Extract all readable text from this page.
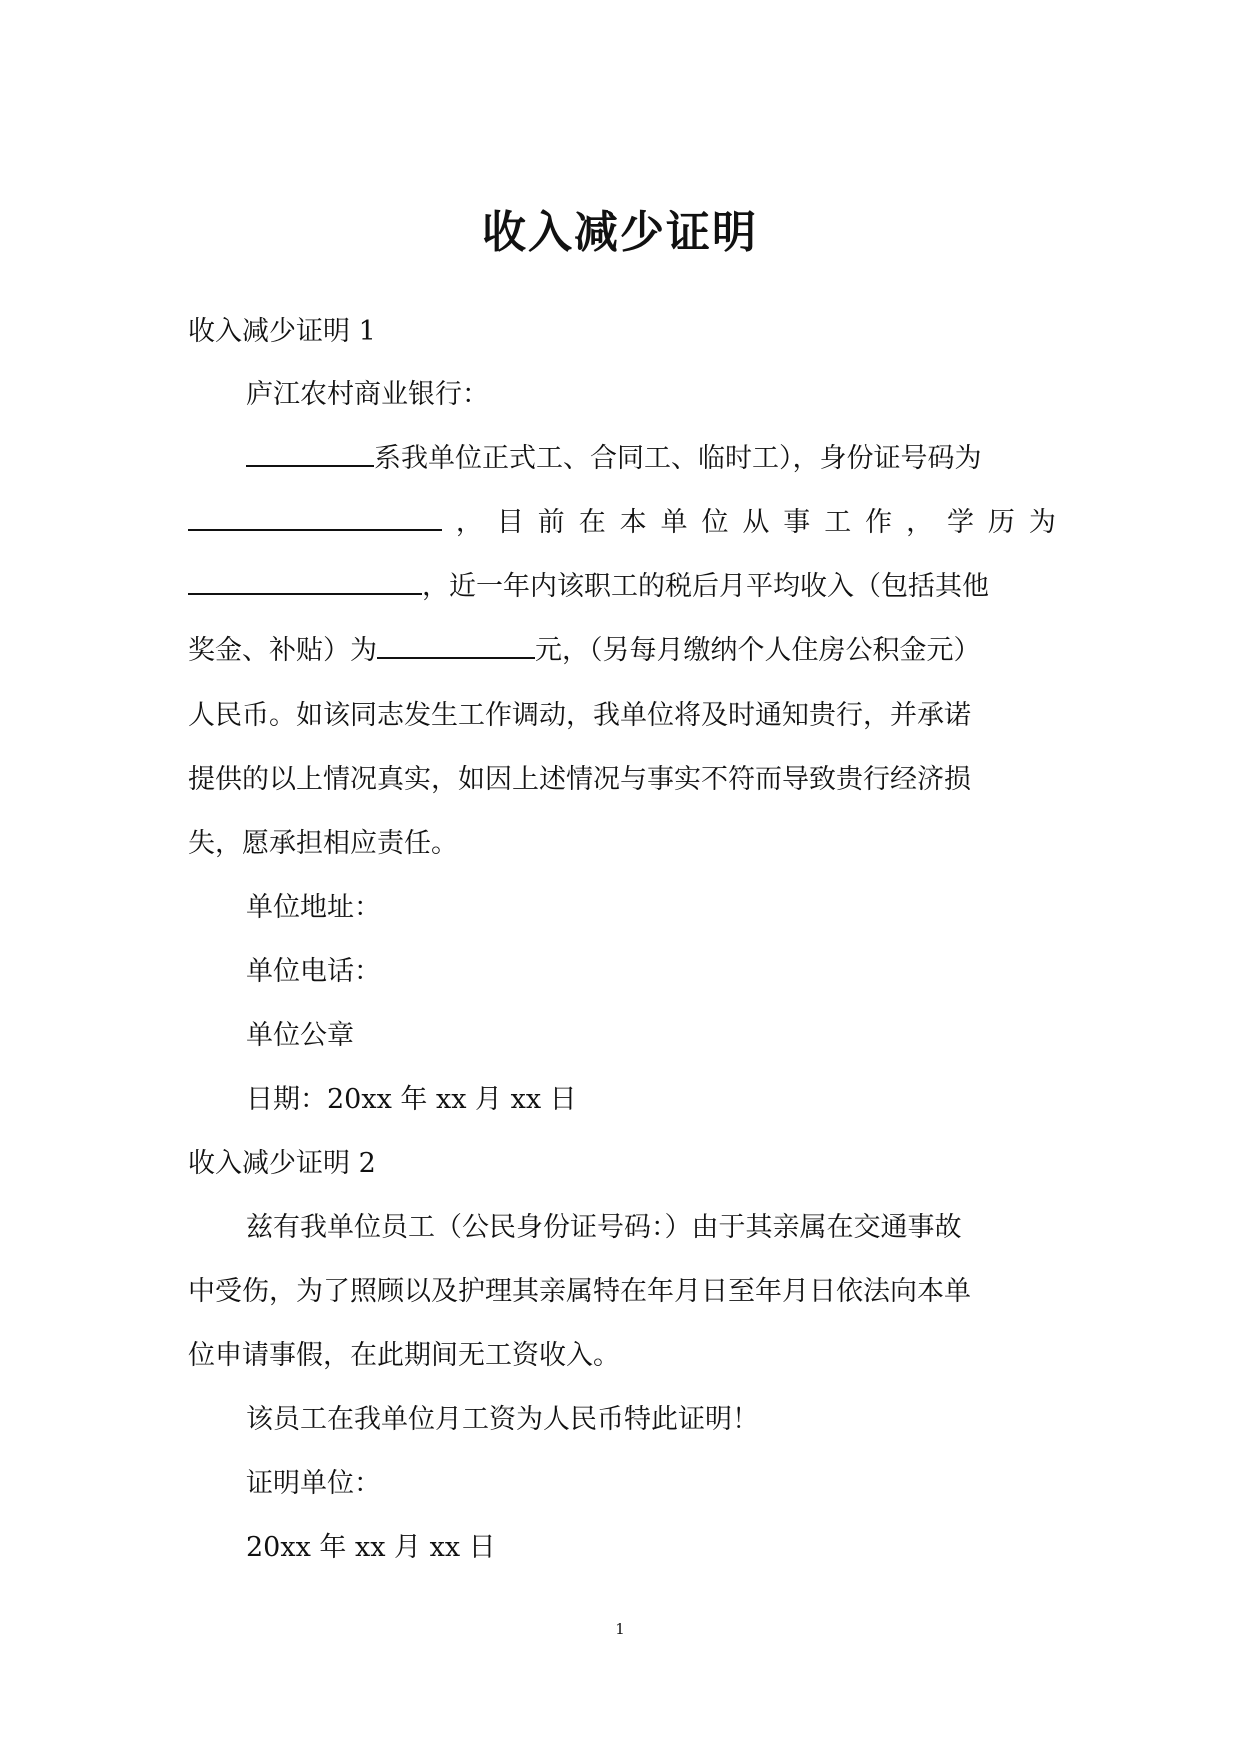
收入减少证明

收入减少证明 1

庐江农村商业银行：

系我单位正式工、合同工、临时工），身份证号码为

， 目 前 在 本 单 位 从 事 工 作 ， 学 历 为

，近一年内该职工的税后月平均收入（包括其他

奖金、补贴）为	元，（另每月缴纳个人住房公积金元）

人民币。如该同志发生工作调动，我单位将及时通知贵行，并承诺

提供的以上情况真实，如因上述情况与事实不符而导致贵行经济损

失，愿承担相应责任。

单位地址：

单位电话：

单位公章

日期：20xx 年 xx 月 xx 日

收入减少证明 2

兹有我单位员工（公民身份证号码：）由于其亲属在交通事故

中受伤，为了照顾以及护理其亲属特在年月日至年月日依法向本单

位申请事假，在此期间无工资收入。

该员工在我单位月工资为人民币特此证明！

证明单位：

20xx 年 xx 月 xx 日

1
